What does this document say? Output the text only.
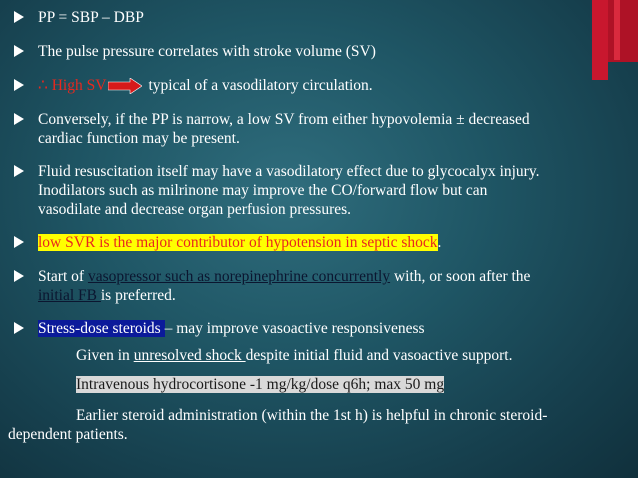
PP = SBP – DBP
The pulse pressure correlates with stroke volume (SV)
∴ High SV	typical of a vasodilatory circulation.
Conversely, if the PP is narrow, a low SV from either hypovolemia ± decreased
cardiac function may be present.
Fluid resuscitation itself may have a vasodilatory effect due to glycocalyx injury.
Inodilators such as milrinone may improve the CO/forward flow but can
vasodilate and decrease organ perfusion pressures.
low SVR is the major contributor of hypotension in septic shock.
Start of vasopressor such as norepinephrine concurrently with, or soon after the
initial FB is preferred.
Stress-dose steroids – may improve vasoactive responsiveness
Given in unresolved shock despite initial fluid and vasoactive support.
Intravenous hydrocortisone -1 mg/kg/dose q6h; max 50 mg
Earlier steroid administration (within the 1st h) is helpful in chronic steroid-
dependent patients.
